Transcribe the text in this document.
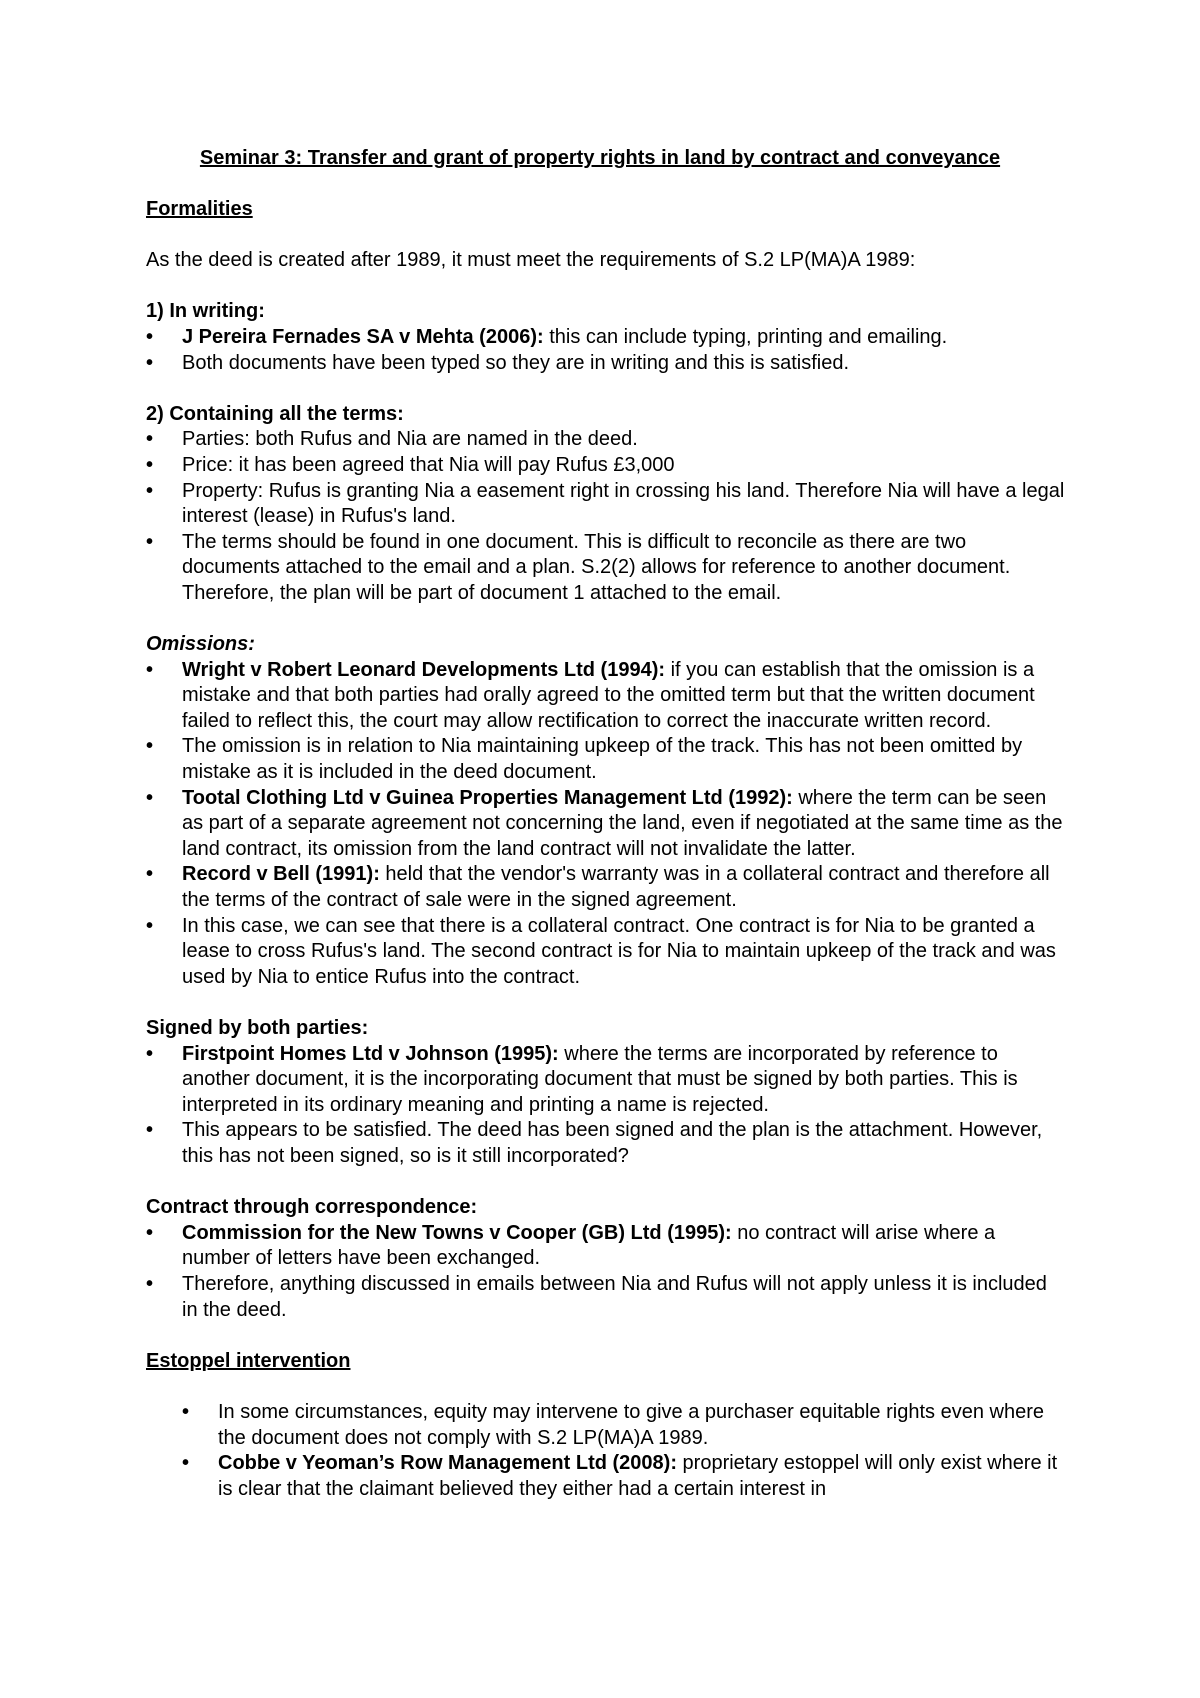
Seminar 3: Transfer and grant of property rights in land by contract and conveyance

Formalities

As the deed is created after 1989, it must meet the requirements of S.2 LP(MA)A 1989:

1) In writing:

• J Pereira Fernades SA v Mehta (2006): this can include typing, printing and emailing.
• Both documents have been typed so they are in writing and this is satisfied.

2) Containing all the terms:

• Parties: both Rufus and Nia are named in the deed.
• Price: it has been agreed that Nia will pay Rufus £3,000
• Property: Rufus is granting Nia a easement right in crossing his land. Therefore Nia will have a legal interest (lease) in Rufus's land.
• The terms should be found in one document. This is difficult to reconcile as there are two documents attached to the email and a plan. S.2(2) allows for reference to another document. Therefore, the plan will be part of document 1 attached to the email.

Omissions:

• Wright v Robert Leonard Developments Ltd (1994): if you can establish that the omission is a mistake and that both parties had orally agreed to the omitted term but that the written document failed to reflect this, the court may allow rectification to correct the inaccurate written record.
• The omission is in relation to Nia maintaining upkeep of the track. This has not been omitted by mistake as it is included in the deed document.
• Tootal Clothing Ltd v Guinea Properties Management Ltd (1992): where the term can be seen as part of a separate agreement not concerning the land, even if negotiated at the same time as the land contract, its omission from the land contract will not invalidate the latter.
• Record v Bell (1991): held that the vendor's warranty was in a collateral contract and therefore all the terms of the contract of sale were in the signed agreement.
• In this case, we can see that there is a collateral contract. One contract is for Nia to be granted a lease to cross Rufus's land. The second contract is for Nia to maintain upkeep of the track and was used by Nia to entice Rufus into the contract.

Signed by both parties:

• Firstpoint Homes Ltd v Johnson (1995): where the terms are incorporated by reference to another document, it is the incorporating document that must be signed by both parties. This is interpreted in its ordinary meaning and printing a name is rejected.
• This appears to be satisfied. The deed has been signed and the plan is the attachment. However, this has not been signed, so is it still incorporated?

Contract through correspondence:

• Commission for the New Towns v Cooper (GB) Ltd (1995): no contract will arise where a number of letters have been exchanged.
• Therefore, anything discussed in emails between Nia and Rufus will not apply unless it is included in the deed.

Estoppel intervention

• In some circumstances, equity may intervene to give a purchaser equitable rights even where the document does not comply with S.2 LP(MA)A 1989.
• Cobbe v Yeoman’s Row Management Ltd (2008): proprietary estoppel will only exist where it is clear that the claimant believed they either had a certain interest in
